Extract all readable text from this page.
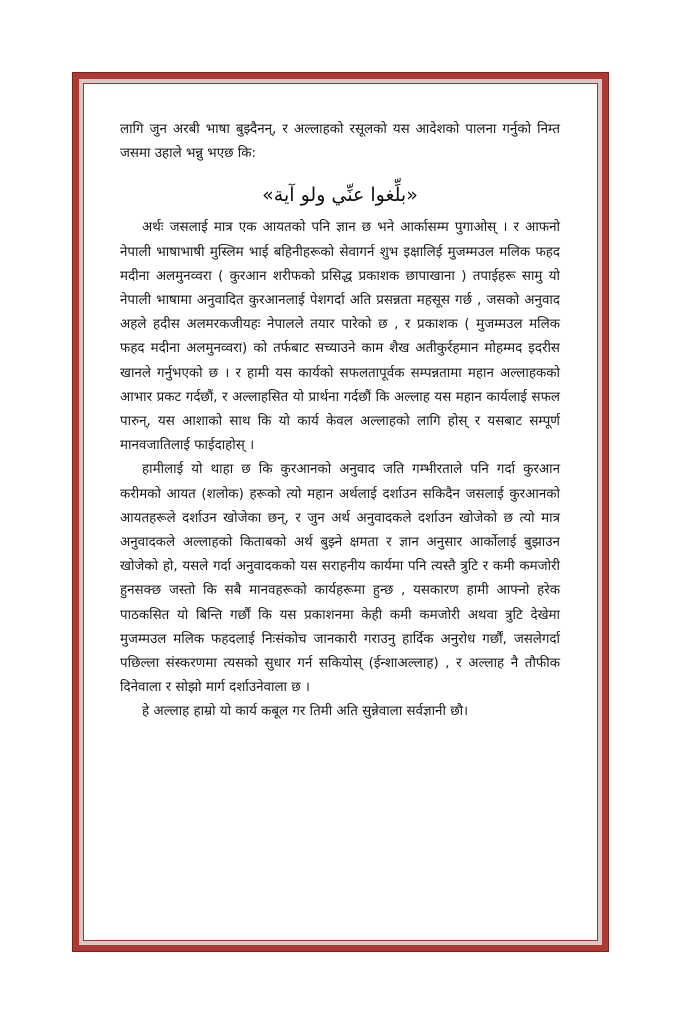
लागि जुन अरबी भाषा बुझ्दैनन्, र अल्लाहको रसूलको यस आदेशको पालना गर्नुको निम्त जसमा उहाले भन्नु भएछ कि:

«بلِّغوا عنِّي ولو آية»

अर्थः जसलाई मात्र एक आयतको पनि ज्ञान छ भने आर्कासम्म पुगाओस् । र आफनो नेपाली भाषाभाषी मुस्लिम भाई बहिनीहरूको सेवागर्न शुभ इक्षालिई मुजम्मउल मलिक फहद मदीना अलमुनव्वरा ( कुरआन शरीफको प्रसिद्ध प्रकाशक छापाखाना ) तपाईहरू सामु यो नेपाली भाषामा अनुवादित कुरआनलाई पेशगर्दा अति प्रसन्नता महसूस गर्छ , जसको अनुवाद अहले हदीस अलमरकजीयहः नेपालले तयार पारेको छ , र प्रकाशक ( मुजम्मउल मलिक फहद मदीना अलमुनव्वरा) को तर्फबाट सच्याउने काम शैख अतीकुर्रहमान मोहम्मद इदरीस खानले गर्नुभएको छ । र हामी यस कार्यको सफलतापूर्वक सम्पन्नतामा महान अल्लाहकको आभार प्रकट गर्दछौं, र अल्लाहसित यो प्रार्थना गर्दछौं कि अल्लाह यस महान कार्यलाई सफल पारुन्, यस आशाको साथ कि यो कार्य केवल अल्लाहको लागि होस् र यसबाट सम्पूर्ण मानवजातिलाई फाईदाहोस् ।

हामीलाई यो थाहा छ कि कुरआनको अनुवाद जति गम्भीरताले पनि गर्दा कुरआन करीमको आयत (शलोक) हरूको त्यो महान अर्थलाई दर्शाउन सकिदैन जसलाई कुरआनको आयतहरूले दर्शाउन खोजेका छन्, र जुन अर्थ अनुवादकले दर्शाउन खोजेको छ त्यो मात्र अनुवादकले अल्लाहको किताबको अर्थ बुझ्ने क्षमता र ज्ञान अनुसार आर्कोलाई बुझाउन खोजेको हो, यसले गर्दा अनुवादकको यस सराहनीय कार्यमा पनि त्यस्तै त्रुटि र कमी कमजोरी हुनसक्छ जस्तो कि सबै मानवहरूको कार्यहरूमा हुन्छ , यसकारण हामी आफ्नो हरेक पाठकसित यो बिन्ति गर्छौं कि यस प्रकाशनमा केही कमी कमजोरी अथवा त्रुटि देखेमा मुजम्मउल मलिक फहदलाई निःसंकोच जानकारी गराउनु हार्दिक अनुरोध गर्छौं, जसलेगर्दा पछिल्ला संस्करणमा त्यसको सुधार गर्न सकियोस् (ईन्शाअल्लाह) , र अल्लाह नै तौफीक दिनेवाला र सोझो मार्ग दर्शाउनेवाला छ ।

हे अल्लाह हाम्रो यो कार्य कबूल गर तिमी अति सुन्नेवाला सर्वज्ञानी छौ।
